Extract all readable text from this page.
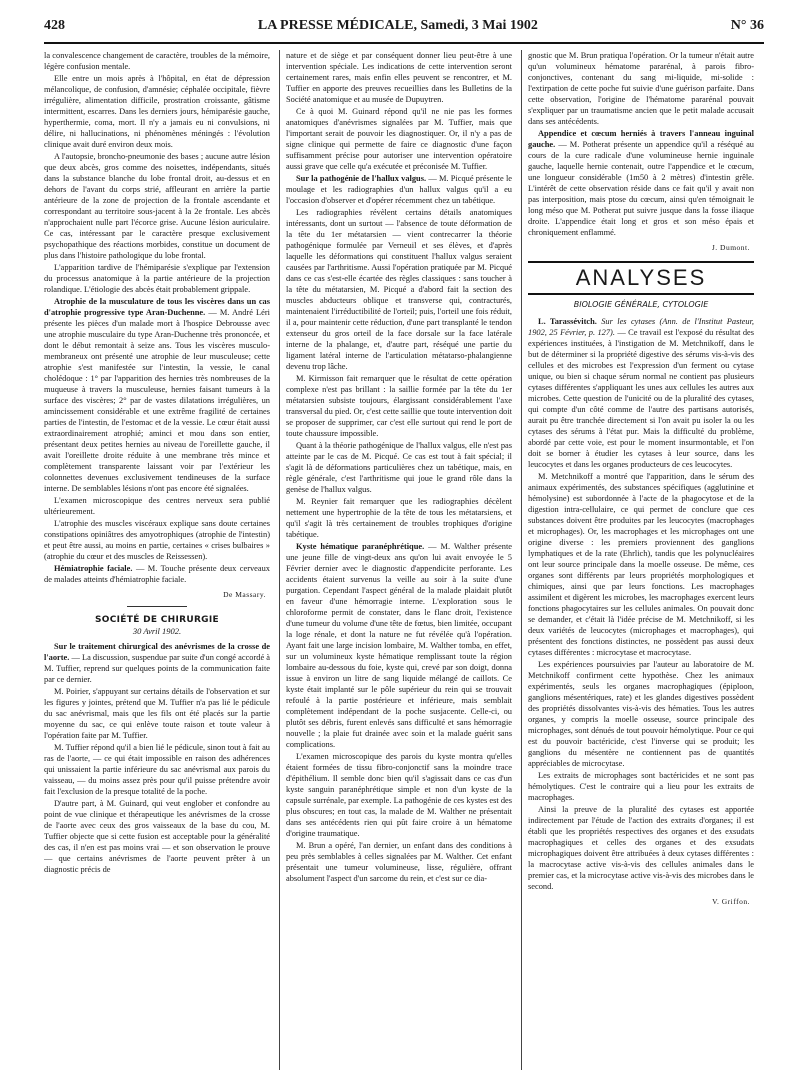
428	LA PRESSE MÉDICALE, Samedi, 3 Mai 1902	N° 36

la convalescence changement de caractère, troubles de la mémoire, légère confusion mentale.

Elle entre un mois après à l'hôpital, en état de dépression mélancolique, de confusion, d'amnésie; céphalée occipitale, fièvre irrégulière, alimentation difficile, prostration croissante, gâtisme intermittent, escarres. Dans les derniers jours, hémiparésie gauche, hyperthermie, coma, mort. Il n'y a jamais eu ni convulsions, ni délire, ni hallucinations, ni phénomènes méningés : l'évolution clinique avait duré environ deux mois.

A l'autopsie, broncho-pneumonie des bases ; aucune autre lésion que deux abcès, gros comme des noisettes, indépendants, situés dans la substance blanche du lobe frontal droit, au-dessus et en dehors de l'avant du corps strié, affleurant en arrière la partie antérieure de la zone de projection de la frontale ascendante et correspondant au territoire sous-jacent à la 2e frontale. Les abcès n'approchaient nulle part l'écorce grise. Aucune lésion auriculaire. Ce cas, intéressant par le caractère presque exclusivement psychopathique des réactions morbides, constitue un document de plus dans l'histoire pathologique du lobe frontal.

L'apparition tardive de l'hémiparésie s'explique par l'extension du processus anatomique à la partie antérieure de la projection rolandique. L'étiologie des abcès était probablement grippale.

Atrophie de la musculature de tous les viscères dans un cas d'atrophie progressive type Aran-Duchenne. — M. André Léri présente les pièces d'un malade mort à l'hospice Debrousse avec une atrophie musculaire du type Aran-Duchenne très prononcée, et dont le début remontait à seize ans. Tous les viscères musculo-membraneux ont présenté une atrophie de leur musculeuse; cette atrophie s'est manifestée sur l'intestin, la vessie, le canal cholédoque : 1° par l'apparition des hernies très nombreuses de la muqueuse à travers la musculeuse, hernies faisant tumeurs à la surface des viscères; 2° par de vastes dilatations irrégulières, un amincissement considérable et une extrême fragilité de certaines parties de l'intestin, de l'estomac et de la vessie. Le cœur était aussi extraordinairement atrophié; aminci et mou dans son entier, présentant deux petites hernies au niveau de l'oreillette gauche, il avait l'oreillette droite réduite à une membrane très mince et complètement transparente laissant voir par l'extérieur les colonnettes devenues exclusivement tendineuses de la surface interne. De semblables lésions n'ont pas encore été signalées.

L'examen microscopique des centres nerveux sera publié ultérieurement.

L'atrophie des muscles viscéraux explique sans doute certaines constipations opiniâtres des amyotrophiques (atrophie de l'intestin) et peut être aussi, au moins en partie, certaines « crises bulbaires » (atrophie du cœur et des muscles de Reissessen).

Hémiatrophie faciale. — M. Touche présente deux cerveaux de malades atteints d'hémiatrophie faciale.

De Massary.
SOCIÉTÉ DE CHIRURGIE
30 Avril 1902.

Sur le traitement chirurgical des anévrismes de la crosse de l'aorte. — La discussion, suspendue par suite d'un congé accordé à M. Tuffier, reprend sur quelques points de la communication faite par ce dernier.

M. Poirier, s'appuyant sur certains détails de l'observation et sur les figures y jointes, prétend que M. Tuffier n'a pas lié le pédicule du sac anévrismal, mais que les fils ont été placés sur la partie moyenne du sac, ce qui enlève toute raison et toute valeur à l'opération faite par M. Tuffier.

M. Tuffier répond qu'il a bien lié le pédicule, sinon tout à fait au ras de l'aorte, — ce qui était impossible en raison des adhérences qui unissaient la partie inférieure du sac anévrismal aux parois du vaisseau, — du moins assez près pour qu'il puisse prétendre avoir fait l'exclusion de la presque totalité de la poche.

D'autre part, à M. Guinard, qui veut englober et confondre au point de vue clinique et thérapeutique les anévrismes de la crosse de l'aorte avec ceux des gros vaisseaux de la base du cou, M. Tuffier objecte que si cette fusion est acceptable pour la généralité des cas, il n'en est pas moins vrai — et son observation le prouve — que certains anévrismes de l'aorte peuvent prêter à un diagnostic précis de

nature et de siège et par conséquent donner lieu peut-être à une intervention spéciale. Les indications de cette intervention seront certainement rares, mais enfin elles peuvent se rencontrer, et M. Tuffier en apporte des preuves recueillies dans les Bulletins de la Société anatomique et au musée de Dupuytren.

Ce à quoi M. Guinard répond qu'il ne nie pas les formes anatomiques d'anévrismes signalées par M. Tuffier, mais que l'important serait de pouvoir les diagnostiquer. Or, il n'y a pas de signe clinique qui permette de faire ce diagnostic d'une façon suffisamment précise pour autoriser une intervention opératoire aussi grave que celle qu'a exécutée et préconisée M. Tuffier.

Sur la pathogénie de l'hallux valgus. — M. Picqué présente le moulage et les radiographies d'un hallux valgus qu'il a eu l'occasion d'observer et d'opérer récemment chez un tabétique.

Les radiographies révèlent certains détails anatomiques intéressants, dont un surtout — l'absence de toute déformation de la tête du 1er métatarsien — vient contrecarrer la théorie pathogénique formulée par Verneuil et ses élèves, et d'après laquelle les déformations qui constituent l'hallux valgus seraient causées par l'arthritisme. Aussi l'opération pratiquée par M. Picqué dans ce cas s'est-elle écartée des règles classiques : sans toucher à la tête du métatarsien, M. Picqué a d'abord fait la section des muscles abducteurs oblique et transverse qui, contracturés, maintenaient l'irréductibilité de l'orteil; puis, l'orteil une fois réduit, il a, pour maintenir cette réduction, d'une part transplanté le tendon extenseur du gros orteil de la face dorsale sur la face latérale interne de la phalange, et, d'autre part, réséqué une partie du ligament latéral interne de l'articulation métatarso-phalangienne devenu trop lâche.

M. Kirmisson fait remarquer que le résultat de cette opération complexe n'est pas brillant : la saillie formée par la tête du 1er métatarsien subsiste toujours, élargissant considérablement l'axe transversal du pied. Or, c'est cette saillie que toute intervention doit se proposer de supprimer, car c'est elle surtout qui rend le port de toute chaussure impossible.

Quant à la théorie pathogénique de l'hallux valgus, elle n'est pas atteinte par le cas de M. Picqué. Ce cas est tout à fait spécial; il s'agit là de déformations particulières chez un tabétique, mais, en règle générale, c'est l'arthritisme qui joue le grand rôle dans la genèse de l'hallux valgus.

M. Reynier fait remarquer que les radiographies décèlent nettement une hypertrophie de la tête de tous les métatarsiens, et qu'il s'agit là très certainement de troubles trophiques d'origine tabétique.

Kyste hématique paranéphrétique. — M. Walther présente une jeune fille de vingt-deux ans qu'on lui avait envoyée le 5 Février dernier avec le diagnostic d'appendicite perforante. Les accidents étaient survenus la veille au soir à la suite d'une purgation. Cependant l'aspect général de la malade plaidait plutôt en faveur d'une hémorragie interne. L'exploration sous le chloroforme permit de constater, dans le flanc droit, l'existence d'une tumeur du volume d'une tête de fœtus, bien limitée, occupant la loge rénale, et dont la nature ne fut révélée qu'à l'opération. Ayant fait une large incision lombaire, M. Walther tomba, en effet, sur un volumineux kyste hématique remplissant toute la région lombaire au-dessous du foie, kyste qui, crevé par son doigt, donna issue à environ un litre de sang liquide mélangé de caillots. Ce kyste était implanté sur le pôle supérieur du rein qui se trouvait refoulé à la partie postérieure et inférieure, mais semblait complètement indépendant de la poche susjacente. Celle-ci, ou plutôt ses débris, furent enlevés sans difficulté et sans hémorragie nouvelle ; la plaie fut drainée avec soin et la malade guérit sans complications.

L'examen microscopique des parois du kyste montra qu'elles étaient formées de tissu fibro-conjonctif sans la moindre trace d'épithélium. Il semble donc bien qu'il s'agissait dans ce cas d'un kyste sanguin paranéphrétique simple et non d'un kyste de la capsule surrénale, par exemple. La pathogénie de ces kystes est des plus obscures; en tout cas, la malade de M. Walther ne présentait dans ses antécédents rien qui pût faire croire à un hématome d'origine traumatique.

M. Brun a opéré, l'an dernier, un enfant dans des conditions à peu près semblables à celles signalées par M. Walther. Cet enfant présentait une tumeur volumineuse, lisse, régulière, offrant absolument l'aspect d'un sarcome du rein, et c'est sur ce dia-

gnostic que M. Brun pratiqua l'opération. Or la tumeur n'était autre qu'un volumineux hématome pararénal, à parois fibro-conjonctives, contenant du sang mi-liquide, mi-solide : l'extirpation de cette poche fut suivie d'une guérison parfaite. Dans cette observation, l'origine de l'hématome pararénal pouvait s'expliquer par un traumatisme ancien que le petit malade accusait dans ses antécédents.

Appendice et cœcum herniés à travers l'anneau inguinal gauche. — M. Potherat présente un appendice qu'il a réséqué au cours de la cure radicale d'une volumineuse hernie inguinale gauche, laquelle hernie contenait, outre l'appendice et le cœcum, une longueur considérable (1m50 à 2 mètres) d'intestin grêle. L'intérêt de cette observation réside dans ce fait qu'il y avait non pas interposition, mais ptose du cœcum, ainsi qu'en témoignait le long méso que M. Potherat put suivre jusque dans la fosse iliaque droite. L'appendice était long et gros et son méso épais et chroniquement enflammé.

J. Dumont.
ANALYSES
BIOLOGIE GÉNÉRALE, CYTOLOGIE

L. Tarassévitch. Sur les cytases (Ann. de l'Institut Pasteur, 1902, 25 Février, p. 127). — Ce travail est l'exposé du résultat des expériences instituées, à l'instigation de M. Metchnikoff, dans le but de déterminer si la propriété digestive des sérums vis-à-vis des cellules et des microbes est l'expression d'un ferment ou cytase unique, ou bien si chaque sérum normal ne contient pas plusieurs cytases différentes s'appliquant les unes aux cellules les autres aux microbes. Cette question de l'unicité ou de la pluralité des cytases, qui compte d'un côté comme de l'autre des partisans autorisés, aurait pu être tranchée directement si l'on avait pu isoler la ou les cytases des sérums à l'état pur. Mais la difficulté du problème, abordé par cette voie, est pour le moment insurmontable, et l'on doit se borner à étudier les cytases à leur source, dans les leucocytes et dans les organes producteurs de ces leucocytes.

M. Metchnikoff a montré que l'apparition, dans le sérum des animaux expérimentés, des substances spécifiques (agglutinine et hémolysine) est subordonnée à l'acte de la phagocytose et de la digestion intra-cellulaire, ce qui permet de conclure que ces substances doivent être produites par les leucocytes (macrophages et microphages). Or, les macrophages et les microphages ont une origine diverse : les premiers proviennent des ganglions lymphatiques et de la rate (Ehrlich), tandis que les polynucléaires ont leur source principale dans la moelle osseuse. De même, ces organes sont différents par leurs propriétés morphologiques et chimiques, ainsi que par leurs fonctions. Les macrophages assimilent et digèrent les microbes, les macrophages exercent leurs fonctions phagocytaires sur les cellules animales. On pouvait donc se demander, et c'était là l'idée précise de M. Metchnikoff, si les deux variétés de leucocytes (microphages et macrophages), qui présentent des fonctions distinctes, ne possèdent pas aussi deux cytases différentes : microcytase et macrocytase.

Les expériences poursuivies par l'auteur au laboratoire de M. Metchnikoff confirment cette hypothèse. Chez les animaux expérimentés, seuls les organes macrophagiques (épiploon, ganglions mésentériques, rate) et les glandes digestives possèdent des propriétés dissolvantes vis-à-vis des hématies. Tous les autres organes, y compris la moelle osseuse, source principale des microphages, sont dénués de tout pouvoir hémolytique. Pour ce qui est du pouvoir bactéricide, c'est l'inverse qui se produit; les ganglions du mésentère ne contiennent pas de quantités appréciables de microcytase.

Les extraits de microphages sont bactéricides et ne sont pas hémolytiques. C'est le contraire qui a lieu pour les extraits de macrophages.

Ainsi la preuve de la pluralité des cytases est apportée indirectement par l'étude de l'action des extraits d'organes; il est établi que les propriétés respectives des organes et des exsudats macrophagiques et celles des organes et des exsudats microphagiques doivent être attribuées à deux cytases différentes : la macrocytase active vis-à-vis des cellules animales dans le premier cas, et la microcytase active vis-à-vis des microbes dans le second.

V. Griffon.
